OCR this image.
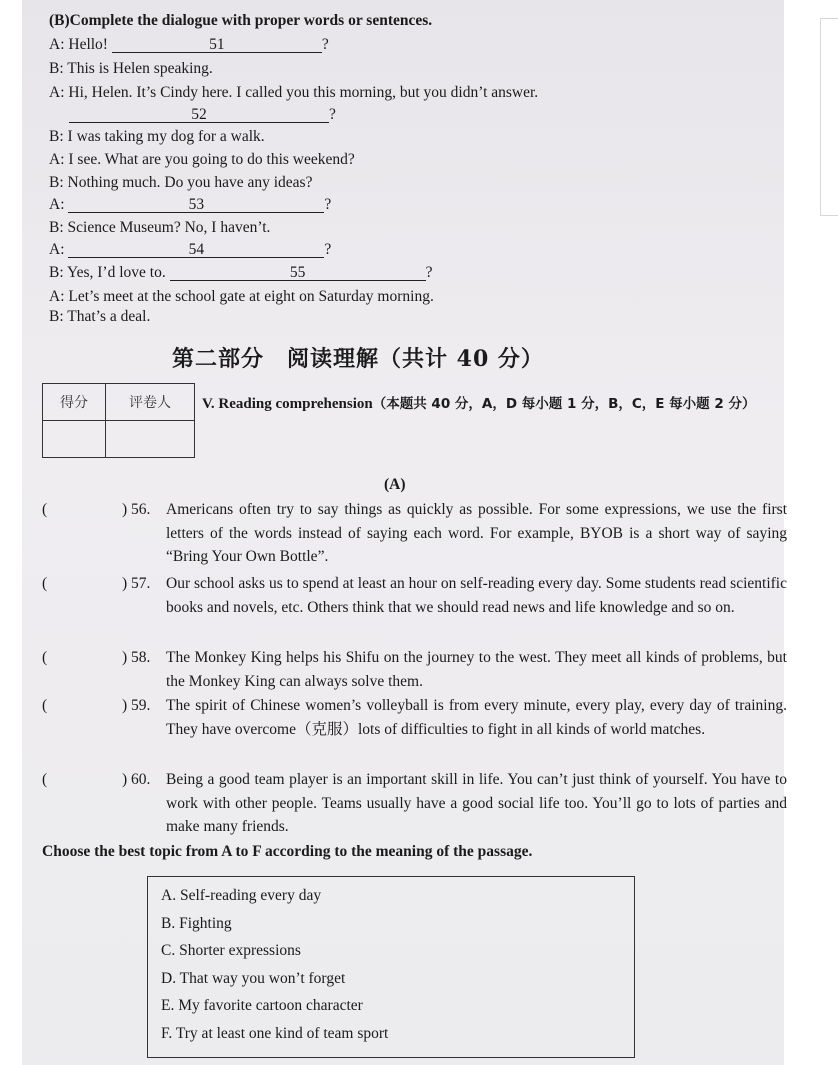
(B)Complete the dialogue with proper words or sentences.
A: Hello!	51	?
B: This is Helen speaking.
A: Hi, Helen. It’s Cindy here. I called you this morning, but you didn’t answer.
52	?
B: I was taking my dog for a walk.
A: I see. What are you going to do this weekend?
B: Nothing much. Do you have any ideas?
A:	53	?
B: Science Museum? No, I haven’t.
A:	54	?
B: Yes, I’d love to.	55	?
A: Let’s meet at the school gate at eight on Saturday morning.
B: That’s a deal.
第二部分　阅读理解（共计 40 分）
得分	评卷人
	V. Reading comprehension（本题共 40 分，A，D 每小题 1 分，B，C，E 每小题 2 分）
(A)
(	) 56. Americans often try to say things as quickly as possible. For some expressions, we use the first letters of the words instead of saying each word. For example, BYOB is a short way of saying “Bring Your Own Bottle”.
(	) 57. Our school asks us to spend at least an hour on self-reading every day. Some students read scientific books and novels, etc. Others think that we should read news and life knowledge and so on.
(	) 58. The Monkey King helps his Shifu on the journey to the west. They meet all kinds of problems, but the Monkey King can always solve them.
(	) 59. The spirit of Chinese women’s volleyball is from every minute, every play, every day of training. They have overcome（克服）lots of difficulties to fight in all kinds of world matches.
(	) 60. Being a good team player is an important skill in life. You can’t just think of yourself. You have to work with other people. Teams usually have a good social life too. You’ll go to lots of parties and make many friends.
Choose the best topic from A to F according to the meaning of the passage.
A. Self-reading every day
B. Fighting
C. Shorter expressions
D. That way you won’t forget
E. My favorite cartoon character
F. Try at least one kind of team sport
